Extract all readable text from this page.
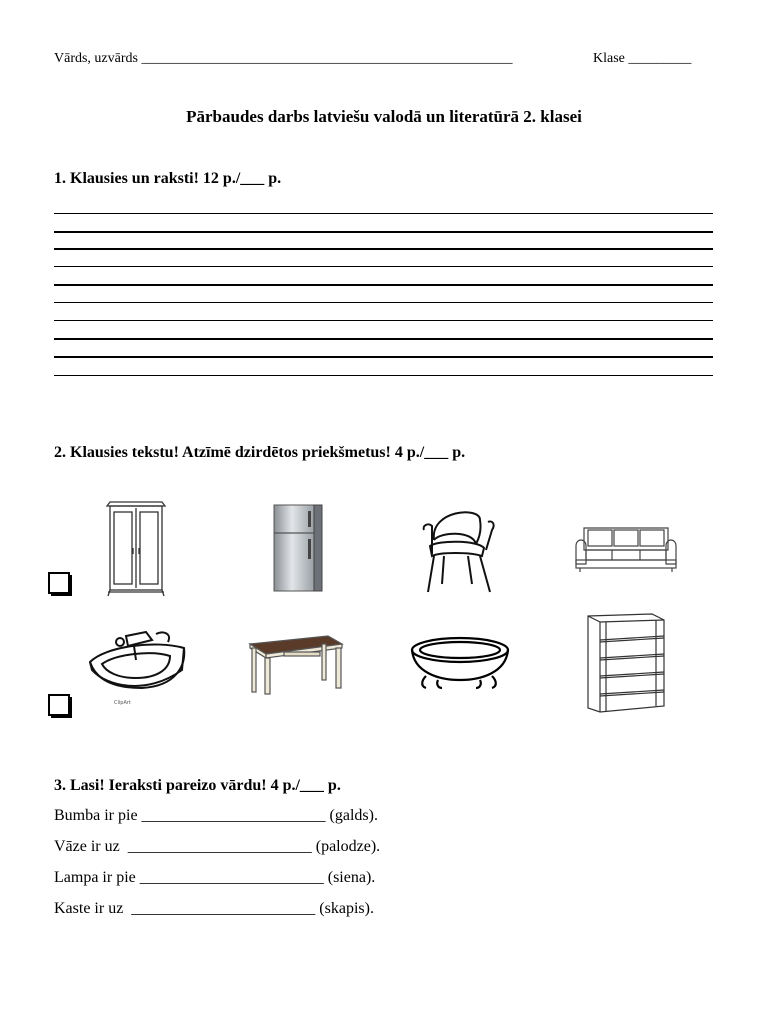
Vārds, uzvārds _____________________________________________________	Klase _________
Pārbaudes darbs latviešu valodā un literatūrā 2. klasei
1. Klausies un raksti! 12 p./___ p.
2. Klausies tekstu! Atzīmē dzirdētos priekšmetus! 4 p./___ p.
ClipArt
3. Lasi! Ieraksti pareizo vārdu! 4 p./___ p.
Bumba ir pie _______________________ (galds).
Vāze ir uz  _______________________ (palodze).
Lampa ir pie _______________________ (siena).
Kaste ir uz  _______________________ (skapis).
